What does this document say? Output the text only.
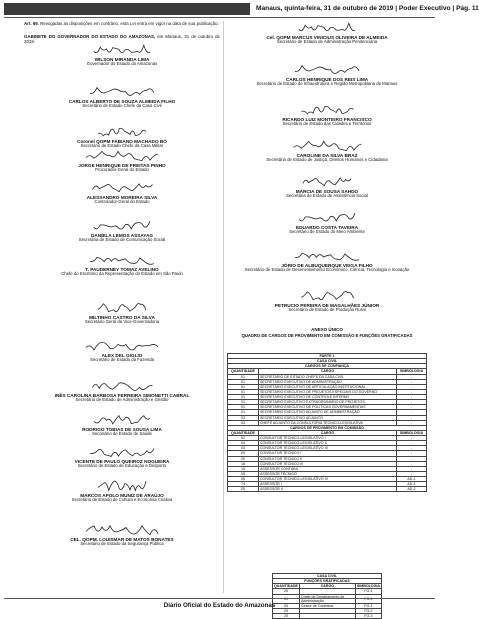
Manaus, quinta-feira, 31 de outubro de 2019 | Poder Executivo | Pág. 11

Art. 69. Revogadas as disposições em contrário, esta Lei entra em vigor na data de sua publicação.

GABINETE DO GOVERNADOR DO ESTADO DO AMAZONAS, em Manaus, 31 de outubro de 2019.

WILSON MIRANDA LIMA
Governador do Estado do Amazonas
CARLOS ALBERTO DE SOUZA ALMEIDA FILHO
Secretário de Estado Chefe da Casa Civil
Coronel QOPM FABIANO MACHADO BÓ
Secretário de Estado Chefe da Casa Militar
JORGE HENRIQUE DE FREITAS PINHO
Procurador-Geral do Estado
ALESSANDRO MOREIRA SILVA
Controlador-Geral do Estado
DANIELA LEMOS ASSAYAG
Secretária de Estado de Comunicação Social
T. PAUDERNEY TOMAZ AVELINO
Chefe do Escritório da Representação do Estado em São Paulo
MILTINHO CASTRO DA SILVA
Secretário Geral da Vice-Governadoria
ALEX DEL GIGLIO
Secretário de Estado da Fazenda
INÊS CAROLINA BARBOSA FERREIRA SIMONETTI CABRAL
Secretária de Estado de Administração e Gestão
RODRIGO TOBIAS DE SOUSA LIMA
Secretário de Estado de Saúde
VICENTE DE PAULO QUEIROZ NOGUEIRA
Secretário de Estado de Educação e Desporto
MARCOS APOLO MUNIZ DE ARAÚJO
Secretário de Estado de Cultura e Economia Criativa
CEL. QOPM. LOUISMAR DE MATOS BONATES
Secretário de Estado da Segurança Pública
Cel. QOPM MARCUS VINICIUS OLIVEIRA DE ALMEIDA
Secretário de Estado de Administração Penitenciária
CARLOS HENRIQUE DOS REIS LIMA
Secretário de Estado de Infraestrutura e Região Metropolitana de Manaus
RICARDO LUIZ MONTEIRO FRANCISCO
Secretário de Estado das Cidades e Territórios
CAROLINE DA SILVA BRAZ
Secretária de Estado de Justiça, Direitos Humanos e Cidadania
MÁRCIA DE SOUSA SAHDO
Secretária de Estado de Assistência Social
EDUARDO COSTA TAVEIRA
Secretário de Estado do Meio Ambiente
JÓRIO DE ALBUQUERQUE VEIGA FILHO
Secretário de Estado de Desenvolvimento Econômico, Ciência, Tecnologia e Inovação
PETRUCIO PEREIRA DE MAGALHÃES JÚNIOR
Secretário de Estado de Produção Rural
ANEXO ÚNICO
QUADRO DE CARGOS DE PROVIMENTO EM COMISSÃO E FUNÇÕES GRATIFICADAS
PARTE 1		
CASA CIVIL		
CARGOS DE CONFIANÇA		
QUANTIDADE	CARGO	SIMBOLOGIA
01	SECRETÁRIO DE ESTADO CHEFE DA CASA CIVIL	-
01	SECRETÁRIO EXECUTIVO DE ADMINISTRAÇÃO	-
01	SECRETÁRIO EXECUTIVO DE ARTICULAÇÃO INSTITUCIONAL	-
01	SECRETÁRIO EXECUTIVO DE PROJETOS ESPECIAIS DO GOVERNO	-
01	SECRETÁRIO EXECUTIVO DE CONTROLE INTERNO	-
01	SECRETÁRIO EXECUTIVO EXTRAORDINÁRIO DE PROJETOS	-
01	SECRETÁRIO EXECUTIVO DE POLÍTICAS GOVERNAMENTAIS	-
01	SECRETÁRIO EXECUTIVO ADJUNTO DE ADMINISTRAÇÃO	-
03	SECRETÁRIO EXECUTIVO ADJUNTO	-
03	CHEFE ADJUNTO DA CONSULTORIA TÉCNICO-LEGISLATIVA	-
CARGOS DE PROVIMENTO EM COMISSÃO		
QUANTIDADE	CARGO	SIMBOLOGIA
02	CONSULTOR TÉCNICO-LEGISLATIVO I	-
04	CONSULTOR TÉCNICO-LEGISLATIVO II	-
04	CONSULTOR TÉCNICO-LEGISLATIVO III	-
20	CONSULTOR TÉCNICO I	-
20	CONSULTOR TÉCNICO II	-
18	CONSULTOR TÉCNICO III	-
15	ASSESSOR CONTÁBIL	-
05	ASSESSOR TÉCNICO	-
05	CONSULTOR TÉCNICO-LEGISLATIVO IV	AD-1
74	ASSESSOR I	AD-1
25	ASSESSOR II	AD-2
CASA CIVIL		
FUNÇÕES GRATIFICADAS		
QUANTIDADE	CARGO	SIMBOLOGIA
25		FG-1
01	Chefe de Departamento de Administração	FG-1
05	Gestor de Contratos	FG-1
20		FG-2
20		FG-3
Diário Oficial do Estado do Amazonas
